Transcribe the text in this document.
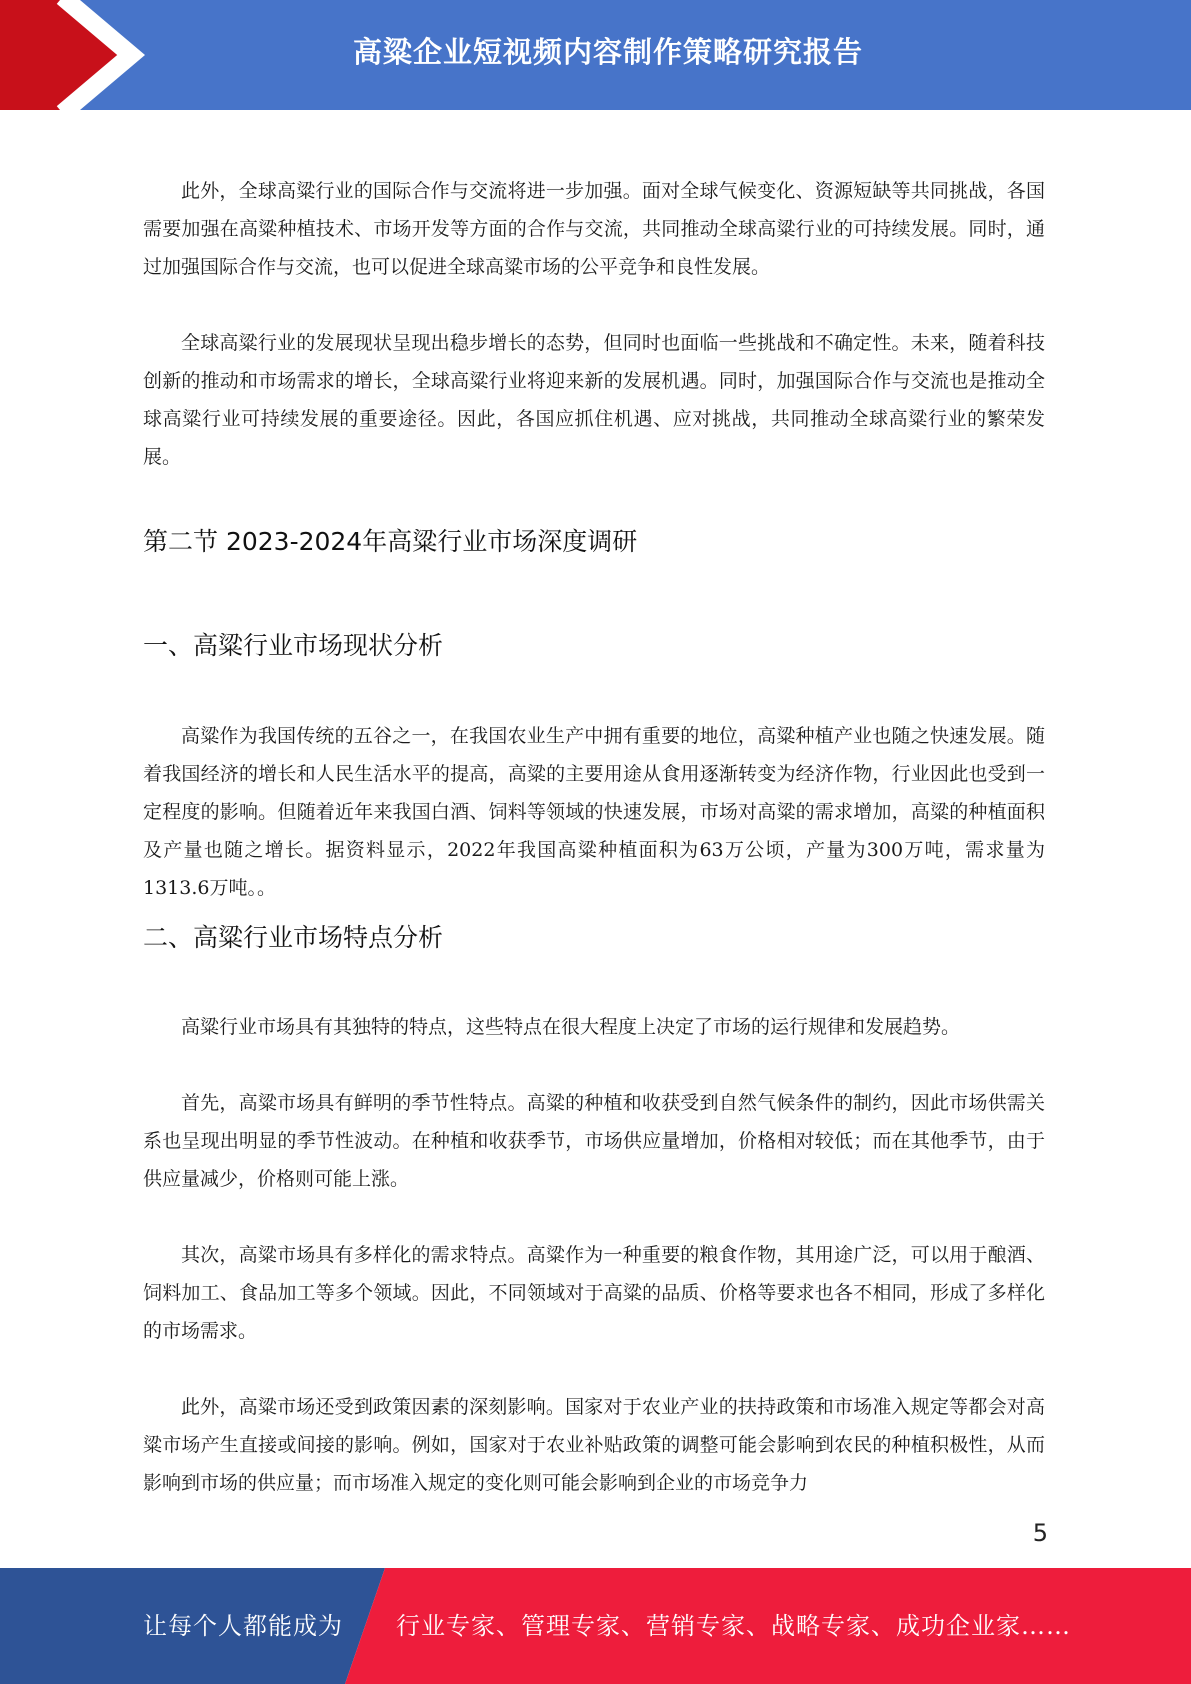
高粱企业短视频内容制作策略研究报告

此外，全球高粱行业的国际合作与交流将进一步加强。面对全球气候变化、资源短缺等共同挑战，各国需要加强在高粱种植技术、市场开发等方面的合作与交流，共同推动全球高粱行业的可持续发展。同时，通过加强国际合作与交流，也可以促进全球高粱市场的公平竞争和良性发展。

全球高粱行业的发展现状呈现出稳步增长的态势，但同时也面临一些挑战和不确定性。未来，随着科技创新的推动和市场需求的增长，全球高粱行业将迎来新的发展机遇。同时，加强国际合作与交流也是推动全球高粱行业可持续发展的重要途径。因此，各国应抓住机遇、应对挑战，共同推动全球高粱行业的繁荣发展。

第二节 2023-2024年高粱行业市场深度调研
一、高粱行业市场现状分析

高粱作为我国传统的五谷之一，在我国农业生产中拥有重要的地位，高粱种植产业也随之快速发展。随着我国经济的增长和人民生活水平的提高，高粱的主要用途从食用逐渐转变为经济作物，行业因此也受到一定程度的影响。但随着近年来我国白酒、饲料等领域的快速发展，市场对高粱的需求增加，高粱的种植面积及产量也随之增长。据资料显示，2022年我国高粱种植面积为63万公顷，产量为300万吨，需求量为1313.6万吨。。

二、高粱行业市场特点分析

高粱行业市场具有其独特的特点，这些特点在很大程度上决定了市场的运行规律和发展趋势。

首先，高粱市场具有鲜明的季节性特点。高粱的种植和收获受到自然气候条件的制约，因此市场供需关系也呈现出明显的季节性波动。在种植和收获季节，市场供应量增加，价格相对较低；而在其他季节，由于供应量减少，价格则可能上涨。

其次，高粱市场具有多样化的需求特点。高粱作为一种重要的粮食作物，其用途广泛，可以用于酿酒、饲料加工、食品加工等多个领域。因此，不同领域对于高粱的品质、价格等要求也各不相同，形成了多样化的市场需求。

此外，高粱市场还受到政策因素的深刻影响。国家对于农业产业的扶持政策和市场准入规定等都会对高粱市场产生直接或间接的影响。例如，国家对于农业补贴政策的调整可能会影响到农民的种植积极性，从而影响到市场的供应量；而市场准入规定的变化则可能会影响到企业的市场竞争力

5
让每个人都能成为 行业专家、管理专家、营销专家、战略专家、成功企业家……
